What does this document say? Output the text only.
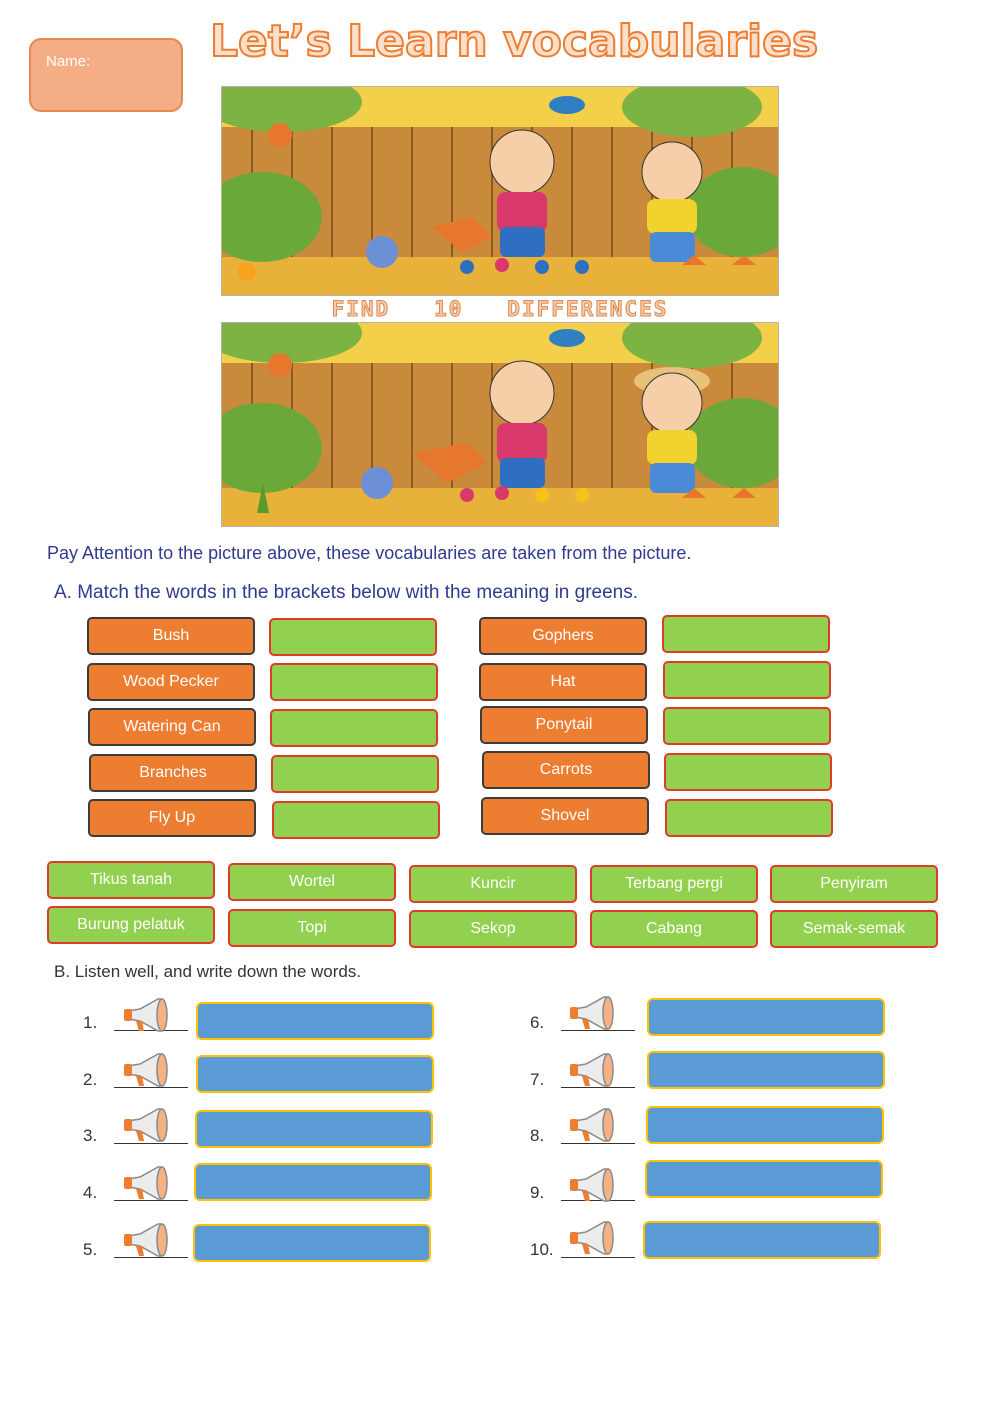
Name:	Let’s Learn vocabularies
FIND   10   DIFFERENCES
Pay Attention to the picture above, these vocabularies are taken from the picture.
A. Match the words in the brackets below with the meaning in greens.
Bush
Wood Pecker
Watering Can
Branches
Fly Up
Gophers
Hat
Ponytail
Carrots
Shovel
Tikus tanah	Wortel	Kuncir	Terbang pergi	Penyiram
Burung pelatuk	Topi	Sekop	Cabang	Semak-semak
B. Listen well, and write down the words.
1.
2.
3.
4.
5.
6.
7.
8.
9.
10.
